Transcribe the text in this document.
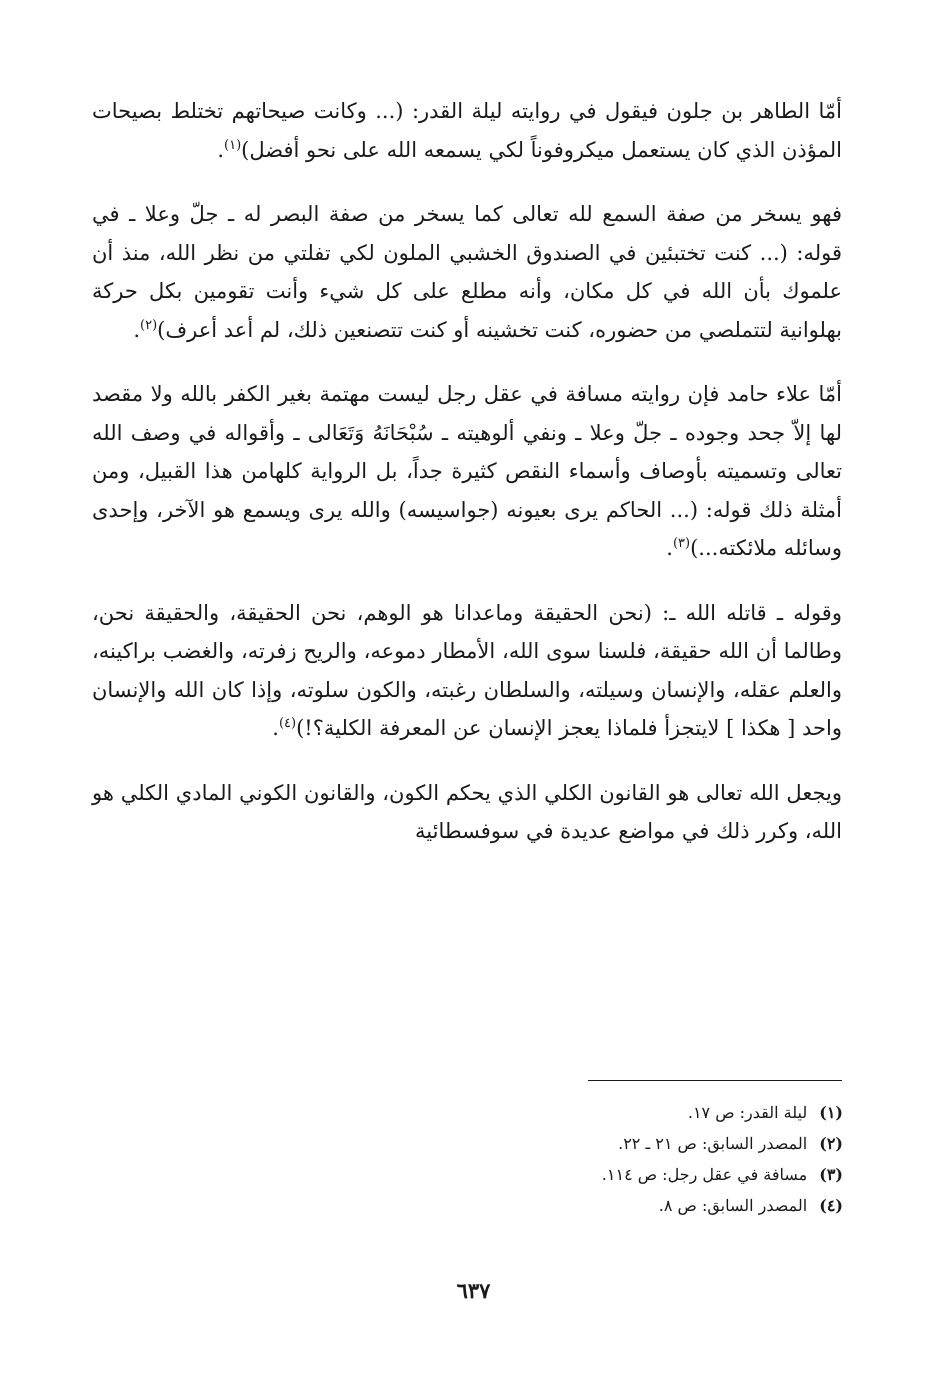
أمّا الطاهر بن جلون فيقول في روايته ليلة القدر: (... وكانت صيحاتهم تختلط بصيحات المؤذن الذي كان يستعمل ميكروفوناً لكي يسمعه الله على نحو أفضل)$^{(١)}$.

فهو يسخر من صفة السمع لله تعالى كما يسخر من صفة البصر له ـ جلّ وعلا ـ في قوله: (... كنت تختبئين في الصندوق الخشبي الملون لكي تفلتي من نظر الله، منذ أن علموك بأن الله في كل مكان، وأنه مطلع على كل شيء وأنت تقومين بكل حركة بهلوانية لتتملصي من حضوره، كنت تخشينه أو كنت تتصنعين ذلك، لم أعد أعرف)$^{(٢)}$.

أمّا علاء حامد فإن روايته مسافة في عقل رجل ليست مهتمة بغير الكفر بالله ولا مقصد لها إلاّ جحد وجوده ـ جلّ وعلا ـ ونفي ألوهيته ـ سُبْحَانَهُ وَتَعَالى ـ وأقواله في وصف الله تعالى وتسميته بأوصاف وأسماء النقص كثيرة جداً، بل الرواية كلهامن هذا القبيل، ومن أمثلة ذلك قوله: (... الحاكم يرى بعيونه (جواسيسه) والله يرى ويسمع هو الآخر، وإحدى وسائله ملائكته...)$^{(٣)}$.

وقوله ـ قاتله الله ـ: (نحن الحقيقة وماعدانا هو الوهم، نحن الحقيقة، والحقيقة نحن، وطالما أن الله حقيقة، فلسنا سوى الله، الأمطار دموعه، والريح زفرته، والغضب براكينه، والعلم عقله، والإنسان وسيلته، والسلطان رغبته، والكون سلوته، وإذا كان الله والإنسان واحد [ هكذا ] لايتجزأ فلماذا يعجز الإنسان عن المعرفة الكلية؟!)$^{(٤)}$.

ويجعل الله تعالى هو القانون الكلي الذي يحكم الكون، والقانون الكوني المادي الكلي هو الله، وكرر ذلك في مواضع عديدة في سوفسطائية

(١)ليلة القدر: ص ١٧.

(٢)المصدر السابق: ص ٢١ ـ ٢٢.

(٣)مسافة في عقل رجل: ص ١١٤.

(٤)المصدر السابق: ص ٨.

٦٣٧
